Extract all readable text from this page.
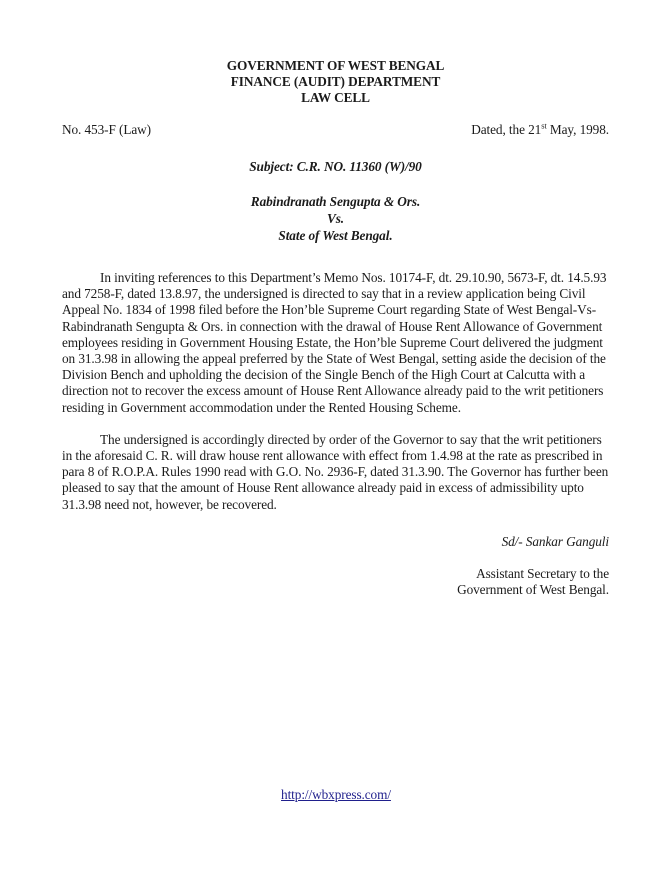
GOVERNMENT OF WEST BENGAL
FINANCE (AUDIT) DEPARTMENT
LAW CELL
No. 453-F (Law)	Dated, the 21st May, 1998.
Subject: C.R. NO. 11360 (W)/90
Rabindranath Sengupta & Ors.
Vs.
State of West Bengal.

In inviting references to this Department’s Memo Nos. 10174-F, dt. 29.10.90, 5673-F, dt. 14.5.93 and 7258-F, dated 13.8.97, the undersigned is directed to say that in a review application being Civil Appeal No. 1834 of 1998 filed before the Hon’ble Supreme Court regarding State of West Bengal-Vs-Rabindranath Sengupta & Ors. in connection with the drawal of House Rent Allowance of Government employees residing in Government Housing Estate, the Hon’ble Supreme Court delivered the judgment on 31.3.98 in allowing the appeal preferred by the State of West Bengal, setting aside the decision of the Division Bench and upholding the decision of the Single Bench of the High Court at Calcutta with a direction not to recover the excess amount of House Rent Allowance already paid to the writ petitioners residing in Government accommodation under the Rented Housing Scheme.

The undersigned is accordingly directed by order of the Governor to say that the writ petitioners in the aforesaid C. R. will draw house rent allowance with effect from 1.4.98 at the rate as prescribed in para 8 of R.O.P.A. Rules 1990 read with G.O. No. 2936-F, dated 31.3.90. The Governor has further been pleased to say that the amount of House Rent allowance already paid in excess of admissibility upto 31.3.98 need not, however, be recovered.

Sd/- Sankar Ganguli
Assistant Secretary to the
Government of West Bengal.
http://wbxpress.com/
